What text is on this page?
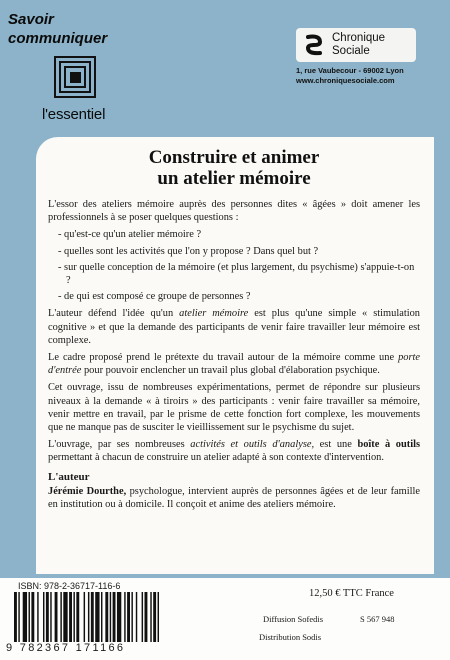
Savoir
communiquer
l'essentiel
Chronique
Sociale
1, rue Vaubecour - 69002 Lyon
www.chroniquesociale.com
Construire et animer
un atelier mémoire

L'essor des ateliers mémoire auprès des personnes dites « âgées » doit amener les professionnels à se poser quelques questions :

- qu'est-ce qu'un atelier mémoire ?
- quelles sont les activités que l'on y propose ? Dans quel but ?
- sur quelle conception de la mémoire (et plus largement, du psychisme) s'appuie-t-on ?
- de qui est composé ce groupe de personnes ?

L'auteur défend l'idée qu'un atelier mémoire est plus qu'une simple « stimulation cognitive » et que la demande des participants de venir faire travailler leur mémoire est complexe.

Le cadre proposé prend le prétexte du travail autour de la mémoire comme une porte d'entrée pour pouvoir enclencher un travail plus global d'élaboration psychique.

Cet ouvrage, issu de nombreuses expérimentations, permet de répondre sur plusieurs niveaux à la demande « à tiroirs » des participants : venir faire travailler sa mémoire, venir mettre en travail, par le prisme de cette fonction fort complexe, les mouvements que ne manque pas de susciter le vieillissement sur le psychisme du sujet.

L'ouvrage, par ses nombreuses activités et outils d'analyse, est une boîte à outils permettant à chacun de construire un atelier adapté à son contexte d'intervention.

L'auteur

Jérémie Dourthe, psychologue, intervient auprès de personnes âgées et de leur famille en institution ou à domicile. Il conçoit et anime des ateliers mémoire.

ISBN: 978-2-36717-116-6
9 782367 171166
12,50 € TTC France
Diffusion Sofedis	S 567 948
Distribution Sodis
